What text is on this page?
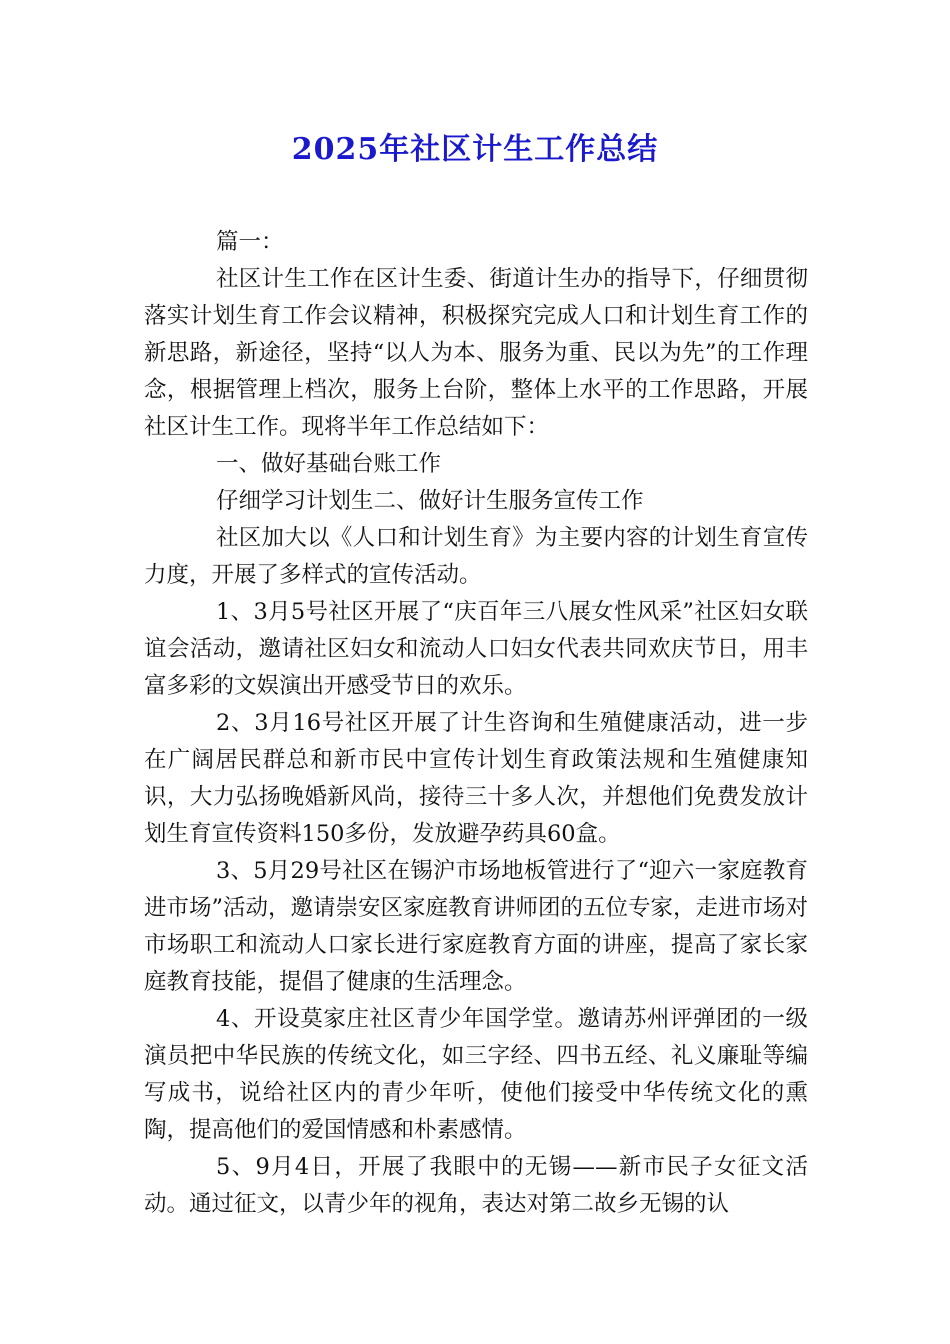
2025年社区计生工作总结

篇一：

社区计生工作在区计生委、街道计生办的指导下，仔细贯彻落实计划生育工作会议精神，积极探究完成人口和计划生育工作的新思路，新途径，坚持“以人为本、服务为重、民以为先”的工作理念，根据管理上档次，服务上台阶，整体上水平的工作思路，开展社区计生工作。现将半年工作总结如下：

一、做好基础台账工作

仔细学习计划生二、做好计生服务宣传工作

社区加大以《人口和计划生育》为主要内容的计划生育宣传力度，开展了多样式的宣传活动。

1、3月5号社区开展了“庆百年三八展女性风采”社区妇女联谊会活动，邀请社区妇女和流动人口妇女代表共同欢庆节日，用丰富多彩的文娱演出开感受节日的欢乐。

2、3月16号社区开展了计生咨询和生殖健康活动，进一步在广阔居民群总和新市民中宣传计划生育政策法规和生殖健康知识，大力弘扬晚婚新风尚，接待三十多人次，并想他们免费发放计划生育宣传资料150多份，发放避孕药具60盒。

3、5月29号社区在锡沪市场地板管进行了“迎六一家庭教育进市场”活动，邀请崇安区家庭教育讲师团的五位专家，走进市场对市场职工和流动人口家长进行家庭教育方面的讲座，提高了家长家庭教育技能，提倡了健康的生活理念。

4、开设莫家庄社区青少年国学堂。邀请苏州评弹团的一级演员把中华民族的传统文化，如三字经、四书五经、礼义廉耻等编写成书，说给社区内的青少年听，使他们接受中华传统文化的熏陶，提高他们的爱国情感和朴素感情。

5、9月4日，开展了我眼中的无锡——新市民子女征文活动。通过征文，以青少年的视角，表达对第二故乡无锡的认
